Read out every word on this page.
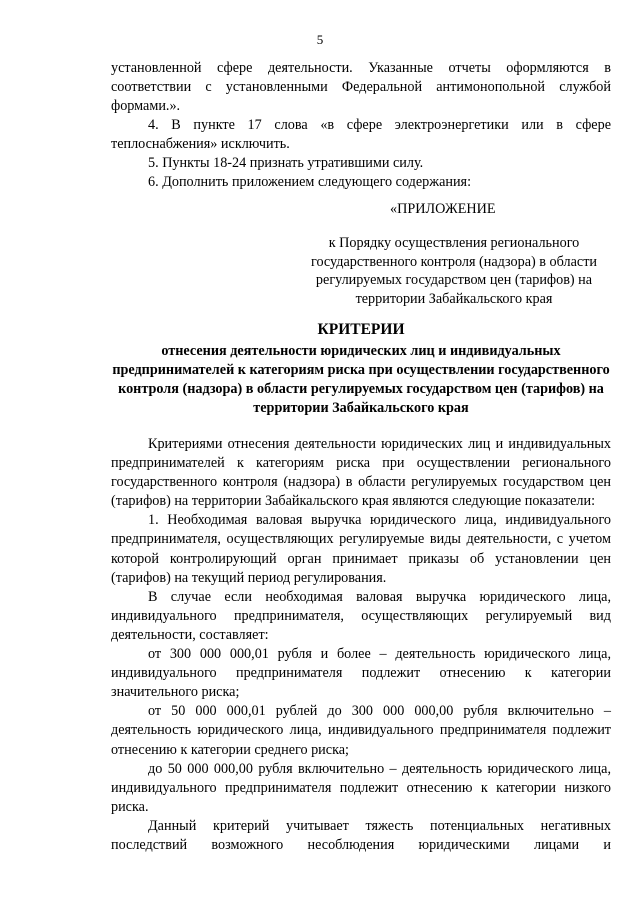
5

установленной сфере деятельности. Указанные отчеты оформляются в соответствии с установленными Федеральной антимонопольной службой формами.».

4. В пункте 17 слова «в сфере электроэнергетики или в сфере теплоснабжения» исключить.

5. Пункты 18-24 признать утратившими силу.

6. Дополнить приложением следующего содержания:

«ПРИЛОЖЕНИЕ
к Порядку осуществления регионального государственного контроля (надзора) в области регулируемых государством цен (тарифов) на территории Забайкальского края
КРИТЕРИИ
отнесения деятельности юридических лиц и индивидуальных предпринимателей к категориям риска при осуществлении государственного контроля (надзора) в области регулируемых государством цен (тарифов) на территории Забайкальского края

Критериями отнесения деятельности юридических лиц и индивидуальных предпринимателей к категориям риска при осуществлении регионального государственного контроля (надзора) в области регулируемых государством цен (тарифов) на территории Забайкальского края являются следующие показатели:

1. Необходимая валовая выручка юридического лица, индивидуального предпринимателя, осуществляющих регулируемые виды деятельности, с учетом которой контролирующий орган принимает приказы об установлении цен (тарифов) на текущий период регулирования.

В случае если необходимая валовая выручка юридического лица, индивидуального предпринимателя, осуществляющих регулируемый вид деятельности, составляет:

от 300 000 000,01 рубля и более – деятельность юридического лица, индивидуального предпринимателя подлежит отнесению к категории значительного риска;

от 50 000 000,01 рублей до 300 000 000,00 рубля включительно – деятельность юридического лица, индивидуального предпринимателя подлежит отнесению к категории среднего риска;

до 50 000 000,00 рубля включительно – деятельность юридического лица, индивидуального предпринимателя подлежит отнесению к категории низкого риска.

Данный критерий учитывает тяжесть потенциальных негативных последствий возможного несоблюдения юридическими лицами и
